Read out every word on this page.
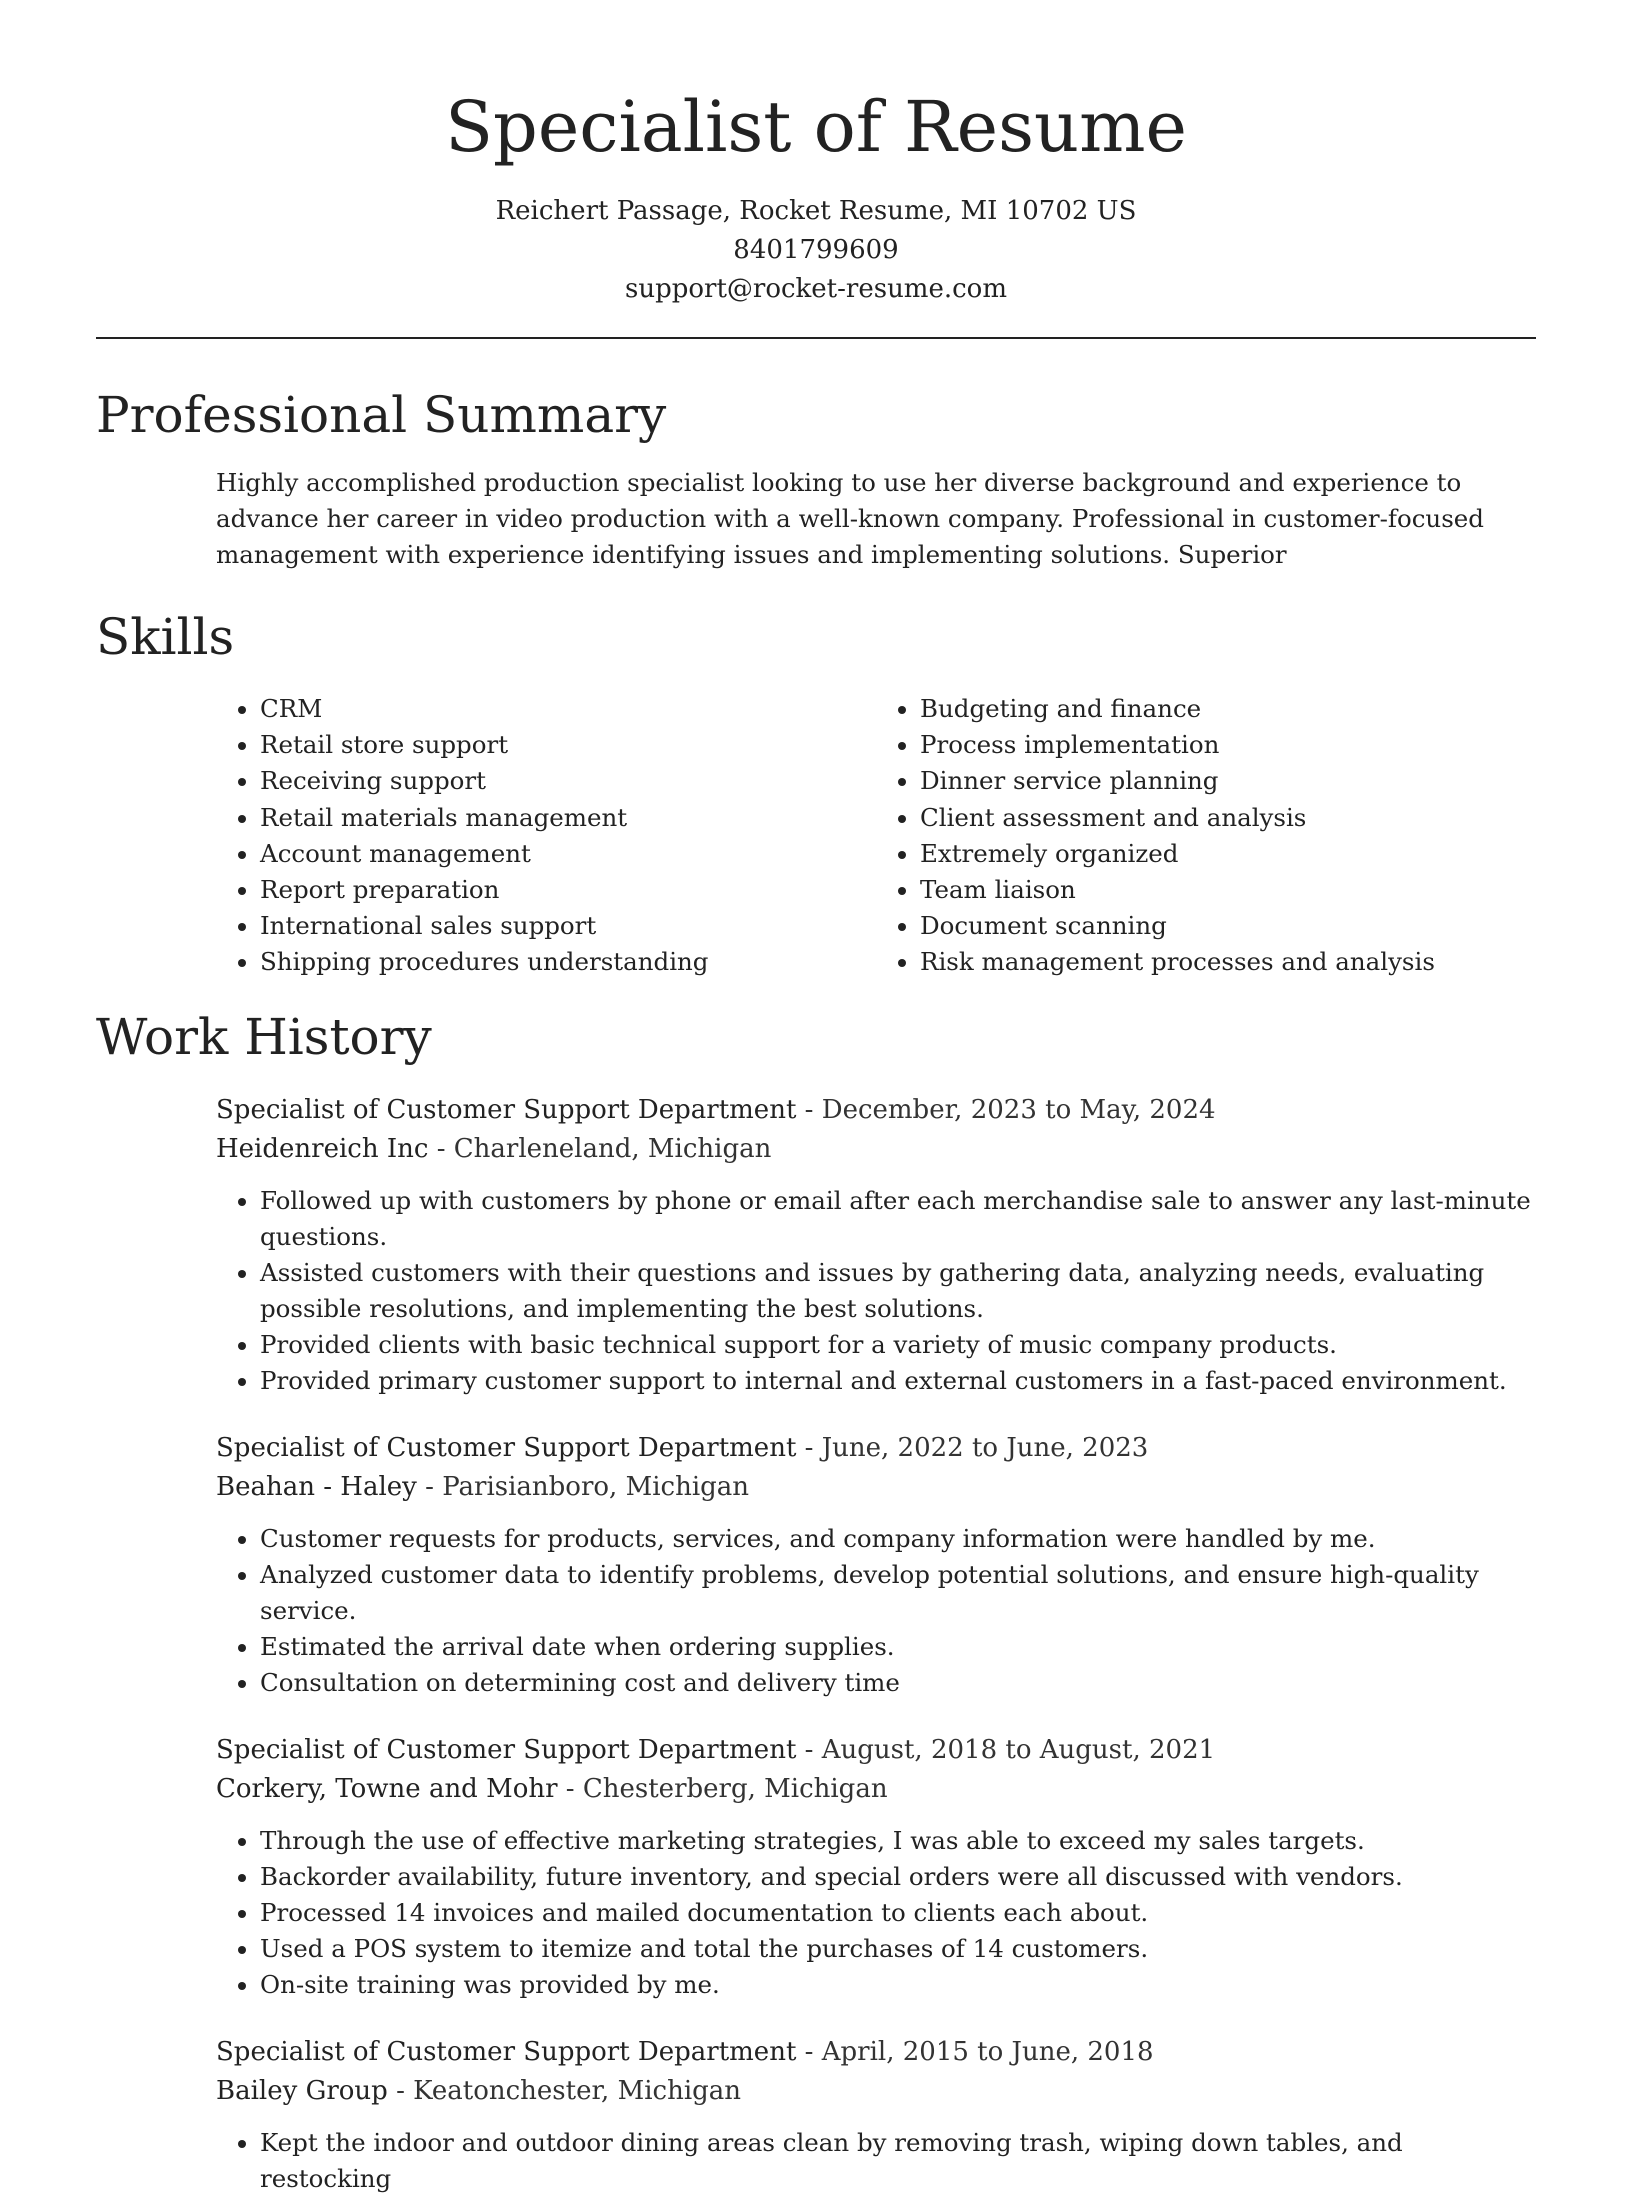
Specialist of Resume
Reichert Passage, Rocket Resume, MI 10702 US
8401799609
support@rocket-resume.com
Professional Summary

Highly accomplished production specialist looking to use her diverse background and experience to advance her career in video production with a well-known company. Professional in customer-focused management with experience identifying issues and implementing solutions. Superior

Skills
• CRM
• Retail store support
• Receiving support
• Retail materials management
• Account management
• Report preparation
• International sales support
• Shipping procedures understanding
• Budgeting and finance
• Process implementation
• Dinner service planning
• Client assessment and analysis
• Extremely organized
• Team liaison
• Document scanning
• Risk management processes and analysis
Work History
Specialist of Customer Support Department - December, 2023 to May, 2024
Heidenreich Inc - Charleneland, Michigan
• Followed up with customers by phone or email after each merchandise sale to answer any last-minute questions.
• Assisted customers with their questions and issues by gathering data, analyzing needs, evaluating possible resolutions, and implementing the best solutions.
• Provided clients with basic technical support for a variety of music company products.
• Provided primary customer support to internal and external customers in a fast-paced environment.
Specialist of Customer Support Department - June, 2022 to June, 2023
Beahan - Haley - Parisianboro, Michigan
• Customer requests for products, services, and company information were handled by me.
• Analyzed customer data to identify problems, develop potential solutions, and ensure high-quality service.
• Estimated the arrival date when ordering supplies.
• Consultation on determining cost and delivery time
Specialist of Customer Support Department - August, 2018 to August, 2021
Corkery, Towne and Mohr - Chesterberg, Michigan
• Through the use of effective marketing strategies, I was able to exceed my sales targets.
• Backorder availability, future inventory, and special orders were all discussed with vendors.
• Processed 14 invoices and mailed documentation to clients each about.
• Used a POS system to itemize and total the purchases of 14 customers.
• On-site training was provided by me.
Specialist of Customer Support Department - April, 2015 to June, 2018
Bailey Group - Keatonchester, Michigan
• Kept the indoor and outdoor dining areas clean by removing trash, wiping down tables, and restocking
